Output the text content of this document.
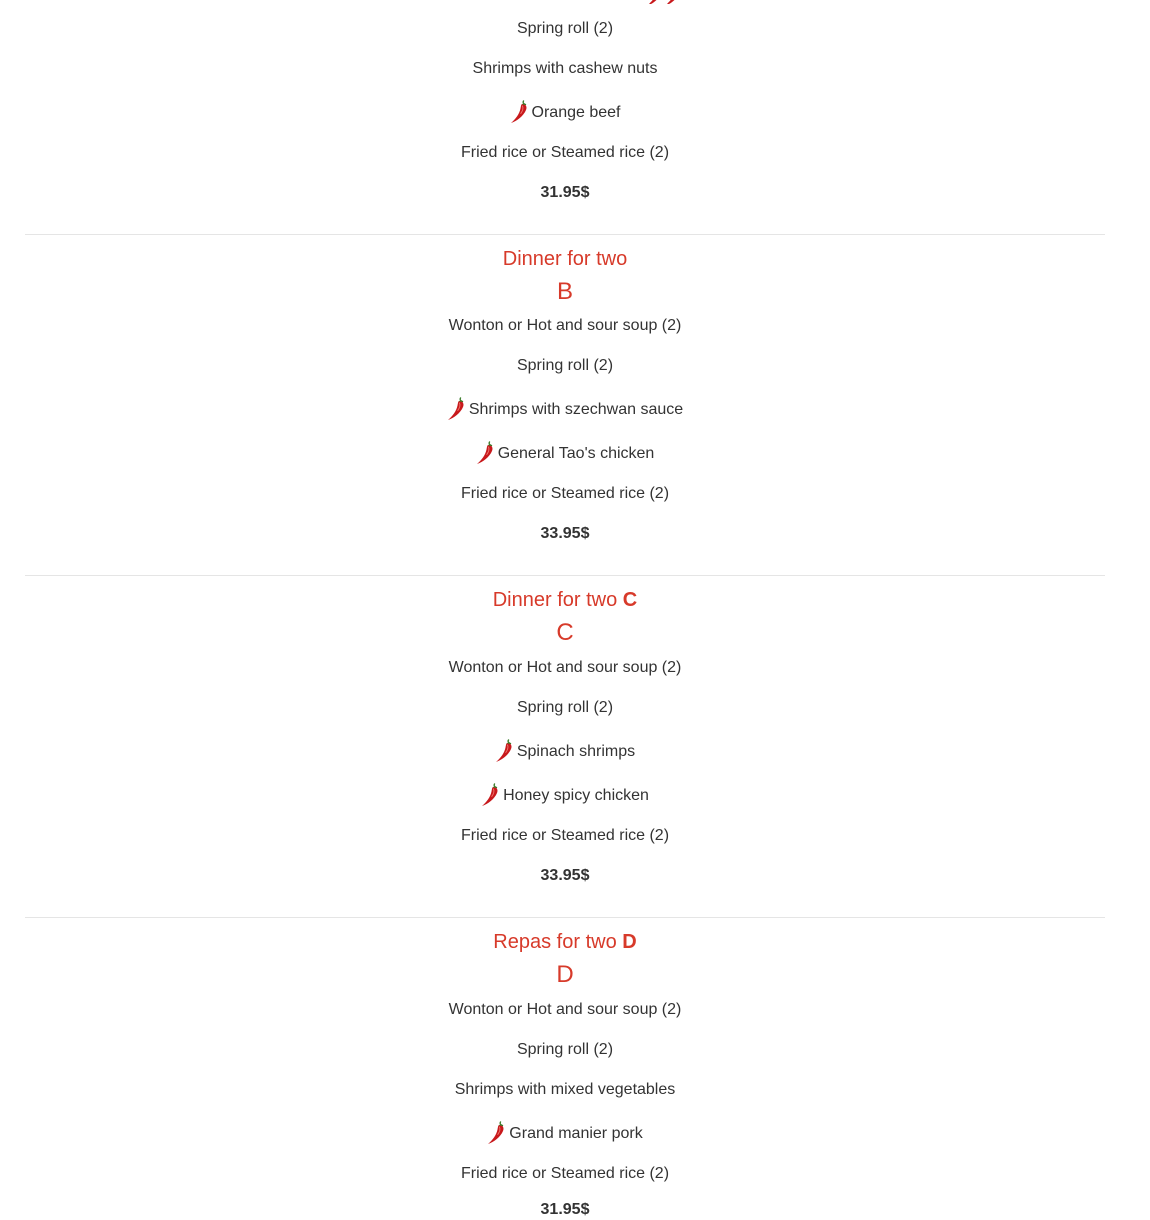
Spring roll (2)
Shrimps with cashew nuts
Orange beef
Fried rice or Steamed rice (2)
31.95$
Dinner for two
B
Wonton or Hot and sour soup (2)
Spring roll (2)
Shrimps with szechwan sauce
General Tao's chicken
Fried rice or Steamed rice (2)
33.95$
Dinner for two C
C
Wonton or Hot and sour soup (2)
Spring roll (2)
Spinach shrimps
Honey spicy chicken
Fried rice or Steamed rice (2)
33.95$
Repas for two D
D
Wonton or Hot and sour soup (2)
Spring roll (2)
Shrimps with mixed vegetables
Grand manier pork
Fried rice or Steamed rice (2)
31.95$
